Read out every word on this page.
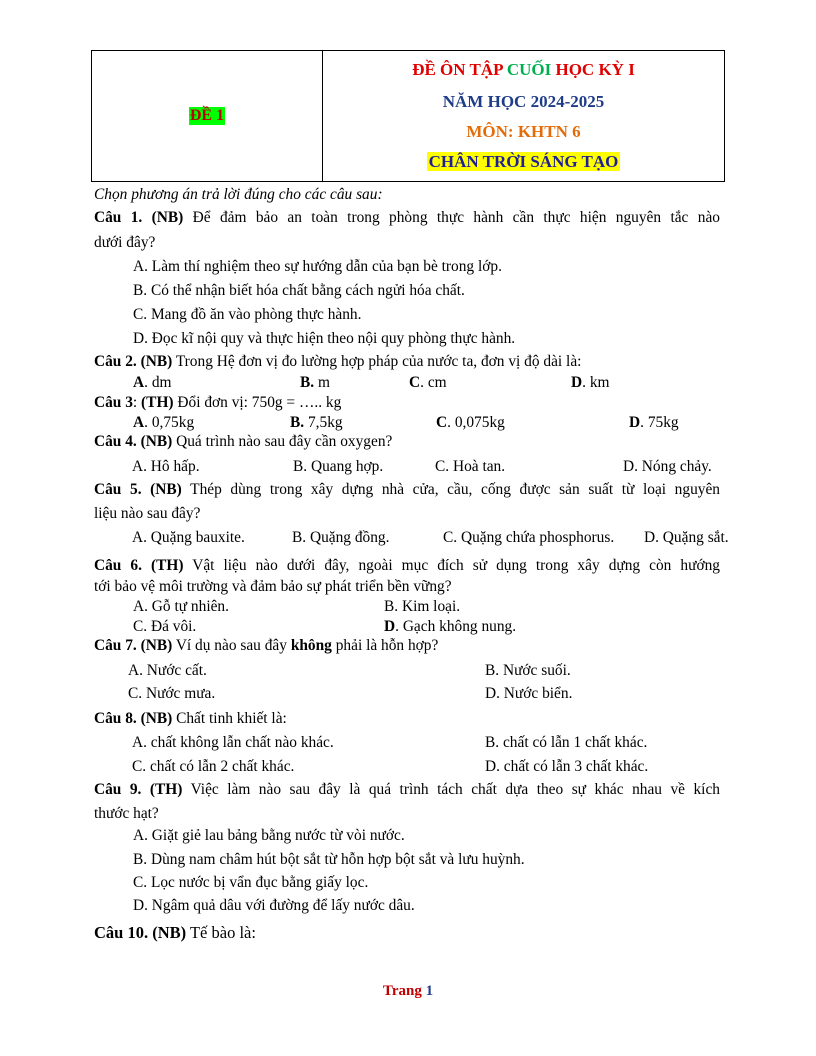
ĐỀ 1
ĐỀ ÔN TẬP CUỐI HỌC KỲ I
NĂM HỌC 2024-2025
MÔN: KHTN 6
CHÂN TRỜI SÁNG TẠO
Chọn phương án trả lời đúng cho các câu sau:
Câu 1. (NB) Để đảm bảo an toàn trong phòng thực hành cần thực hiện nguyên tắc nào
dưới đây?
A. Làm thí nghiệm theo sự hướng dẫn của bạn bè trong lớp.
B. Có thể nhận biết hóa chất bằng cách ngửi hóa chất.
C. Mang đồ ăn vào phòng thực hành.
D. Đọc kĩ nội quy và thực hiện theo nội quy phòng thực hành.
Câu 2. (NB) Trong Hệ đơn vị đo lường hợp pháp của nước ta, đơn vị độ dài là:
A. dm	B. m	C. cm	D. km
Câu 3: (TH) Đổi đơn vị: 750g = ….. kg
A. 0,75kg	B. 7,5kg	C. 0,075kg	D. 75kg
Câu 4. (NB) Quá trình nào sau đây cần oxygen?
A. Hô hấp.	B. Quang hợp.	C. Hoà tan.	D. Nóng chảy.
Câu 5. (NB) Thép dùng trong xây dựng nhà cửa, cầu, cống được sản suất từ loại nguyên
liệu nào sau đây?
A. Quặng bauxite.	B. Quặng đồng.	C. Quặng chứa phosphorus. D. Quặng sắt.
Câu 6. (TH) Vật liệu nào dưới đây, ngoài mục đích sử dụng trong xây dựng còn hướng
tới bảo vệ môi trường và đảm bảo sự phát triển bền vững?
A. Gỗ tự nhiên.	B. Kim loại.
C. Đá vôi.	D. Gạch không nung.
Câu 7. (NB) Ví dụ nào sau đây không phải là hỗn hợp?
A. Nước cất.	B. Nước suối.
C. Nước mưa.	D. Nước biển.
Câu 8. (NB) Chất tinh khiết là:
A. chất không lẫn chất nào khác.	B. chất có lẫn 1 chất khác.
C. chất có lẫn 2 chất khác.	D. chất có lẫn 3 chất khác.
Câu 9. (TH) Việc làm nào sau đây là quá trình tách chất dựa theo sự khác nhau về kích
thước hạt?
A. Giặt giẻ lau bảng bằng nước từ vòi nước.
B. Dùng nam châm hút bột sắt từ hỗn hợp bột sắt và lưu huỳnh.
C. Lọc nước bị vẩn đục bằng giấy lọc.
D. Ngâm quả dâu với đường để lấy nước dâu.
Câu 10. (NB) Tế bào là:
Trang 1
